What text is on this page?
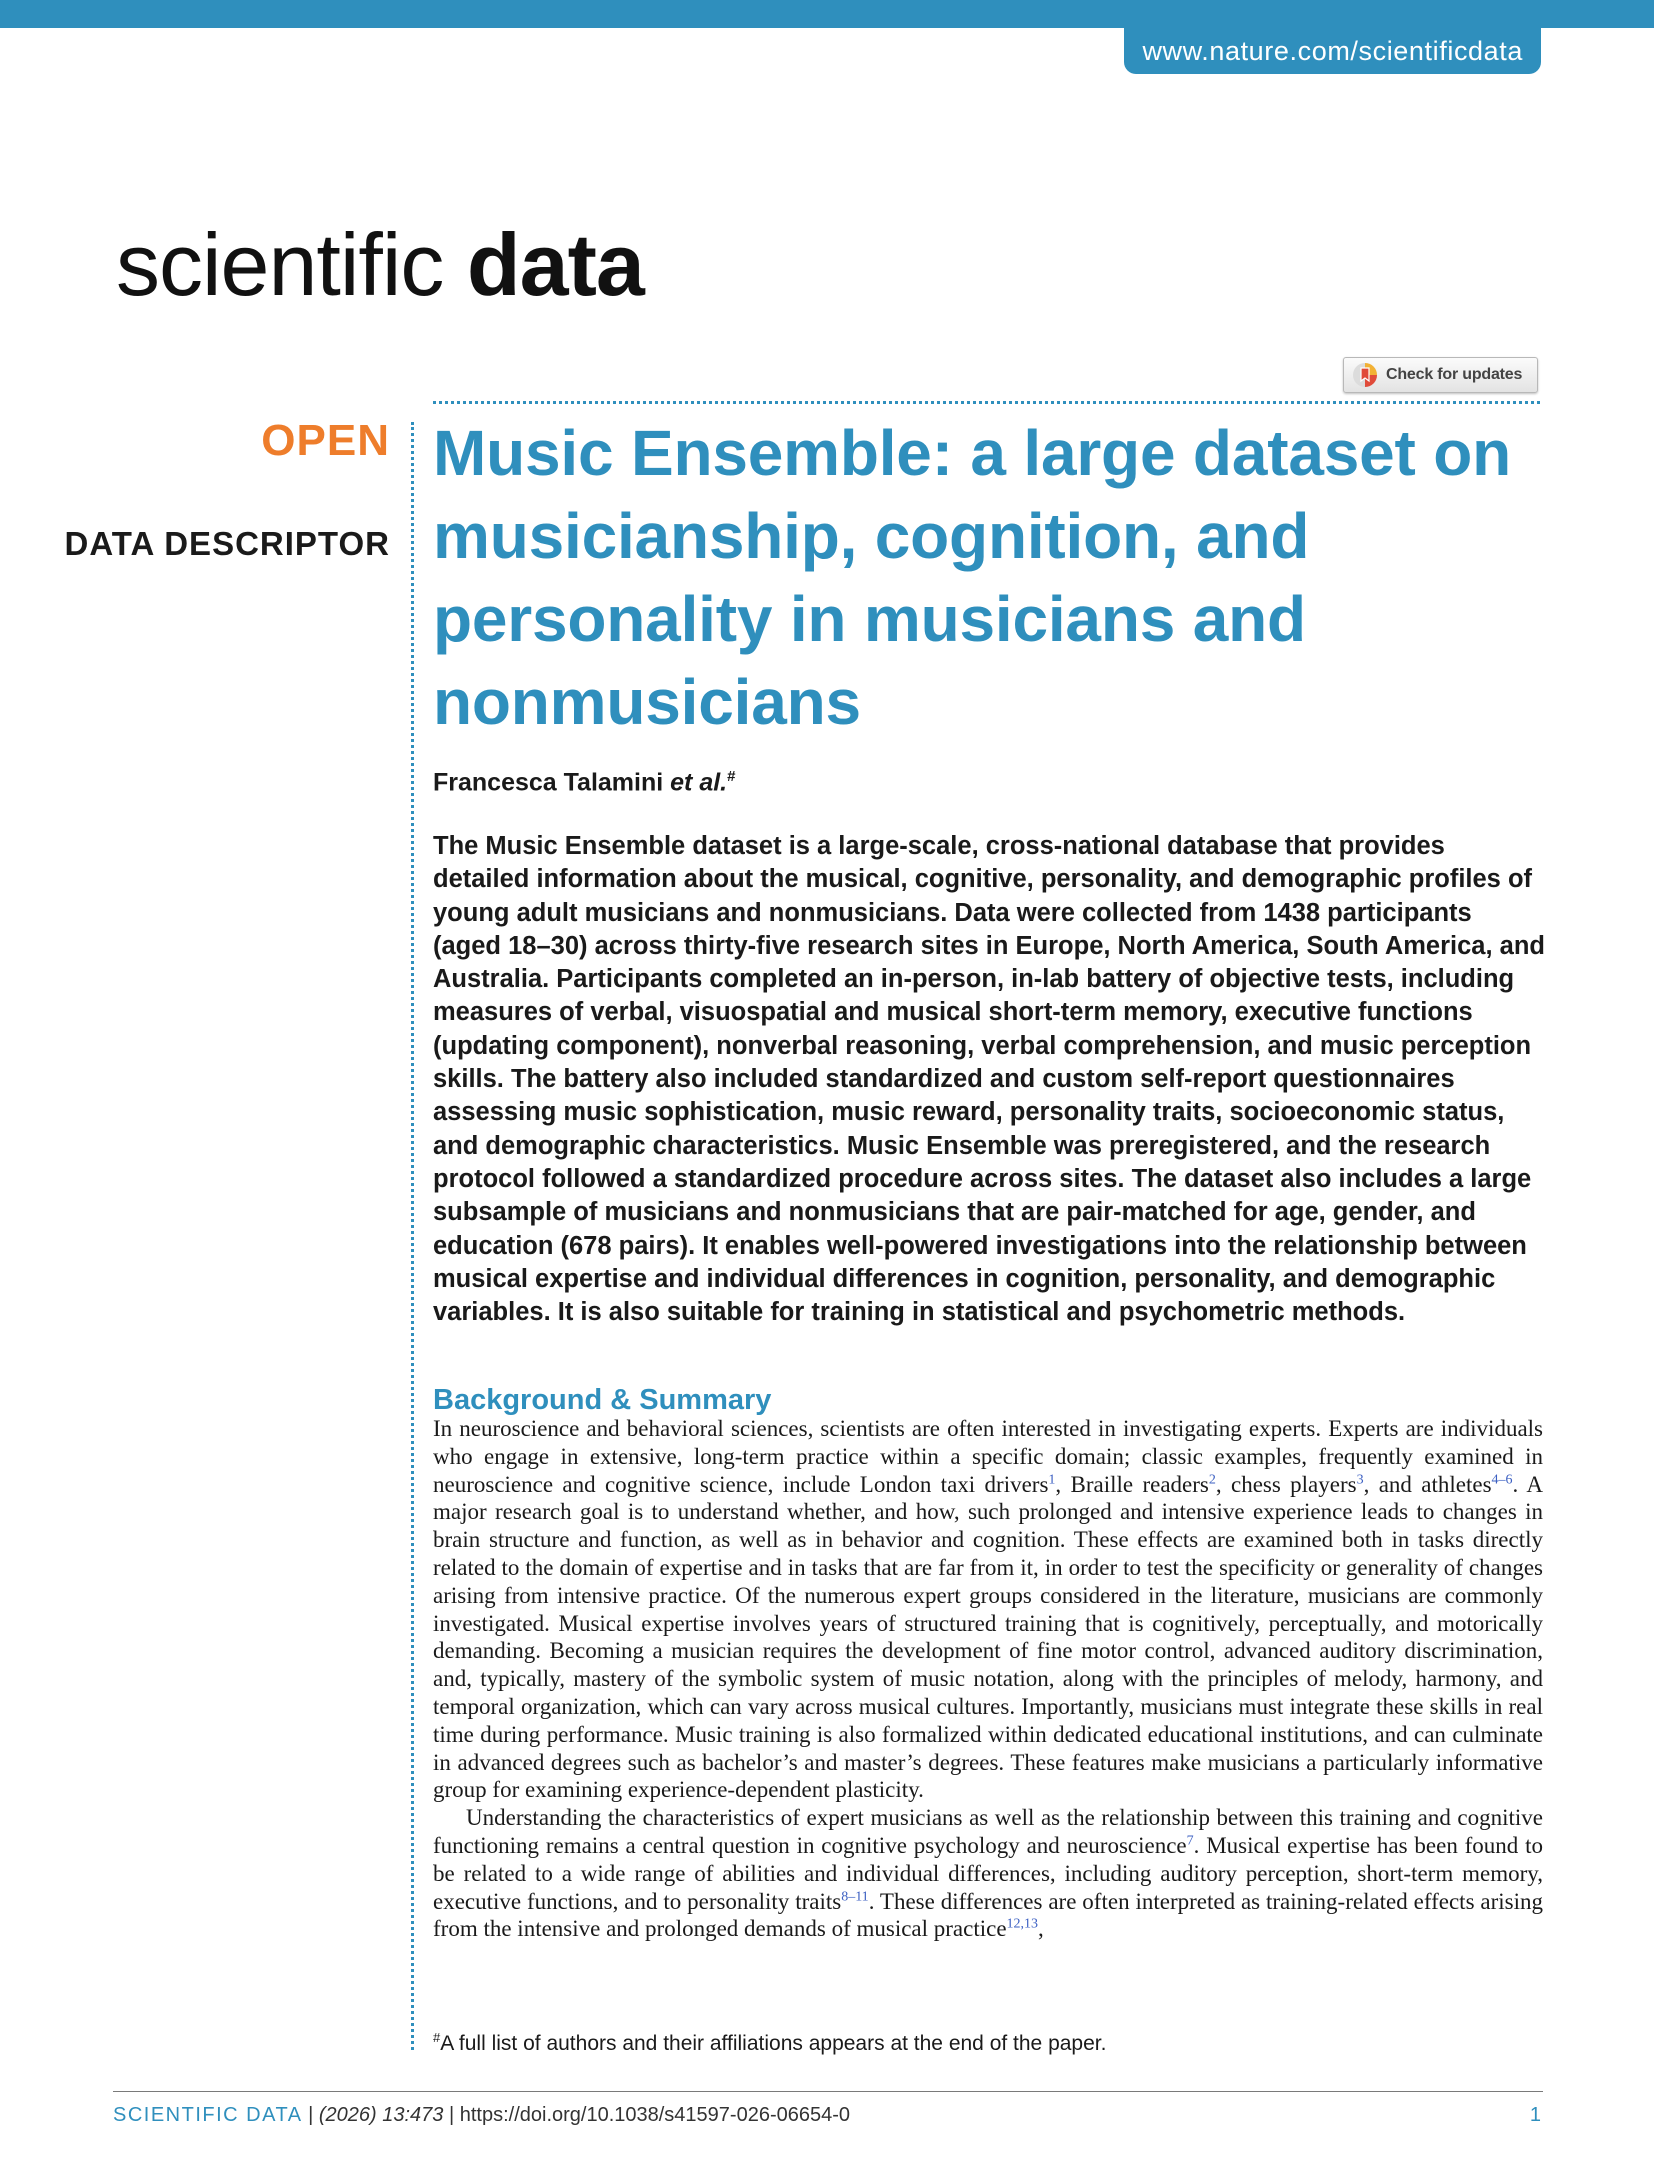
www.nature.com/scientificdata
scientific data
Check for updates
OPEN
DATA DESCRIPTOR
Music Ensemble: a large dataset on musicianship, cognition, and personality in musicians and nonmusicians
Francesca Talamini et al.#

The Music Ensemble dataset is a large-scale, cross-national database that provides detailed information about the musical, cognitive, personality, and demographic profiles of young adult musicians and nonmusicians. Data were collected from 1438 participants (aged 18–30) across thirty-five research sites in Europe, North America, South America, and Australia. Participants completed an in-person, in-lab battery of objective tests, including measures of verbal, visuospatial and musical short-term memory, executive functions (updating component), nonverbal reasoning, verbal comprehension, and music perception skills. The battery also included standardized and custom self-report questionnaires assessing music sophistication, music reward, personality traits, socioeconomic status, and demographic characteristics. Music Ensemble was preregistered, and the research protocol followed a standardized procedure across sites. The dataset also includes a large subsample of musicians and nonmusicians that are pair-matched for age, gender, and education (678 pairs). It enables well-powered investigations into the relationship between musical expertise and individual differences in cognition, personality, and demographic variables. It is also suitable for training in statistical and psychometric methods.

Background & Summary

In neuroscience and behavioral sciences, scientists are often interested in investigating experts. Experts are individuals who engage in extensive, long-term practice within a specific domain; classic examples, frequently examined in neuroscience and cognitive science, include London taxi drivers$^1$, Braille readers$^2$, chess players$^3$, and athletes$^{4-6}$. A major research goal is to understand whether, and how, such prolonged and intensive experience leads to changes in brain structure and function, as well as in behavior and cognition. These effects are examined both in tasks directly related to the domain of expertise and in tasks that are far from it, in order to test the specificity or generality of changes arising from intensive practice. Of the numerous expert groups considered in the literature, musicians are commonly investigated. Musical expertise involves years of structured training that is cognitively, perceptually, and motorically demanding. Becoming a musician requires the development of fine motor control, advanced auditory discrimination, and, typically, mastery of the symbolic system of music notation, along with the principles of melody, harmony, and temporal organization, which can vary across musical cultures. Importantly, musicians must integrate these skills in real time during performance. Music training is also formalized within dedicated educational institutions, and can culminate in advanced degrees such as bachelor’s and master’s degrees. These features make musicians a particularly informative group for examining experience-dependent plasticity.

Understanding the characteristics of expert musicians as well as the relationship between this training and cognitive functioning remains a central question in cognitive psychology and neuroscience$^7$. Musical expertise has been found to be related to a wide range of abilities and individual differences, including auditory perception, short-term memory, executive functions, and to personality traits$^{8-11}$. These differences are often interpreted as training-related effects arising from the intensive and prolonged demands of musical practice$^{12,13}$,

#A full list of authors and their affiliations appears at the end of the paper.
SCIENTIFIC DATA | (2026) 13:473 | https://doi.org/10.1038/s41597-026-06654-0	1
